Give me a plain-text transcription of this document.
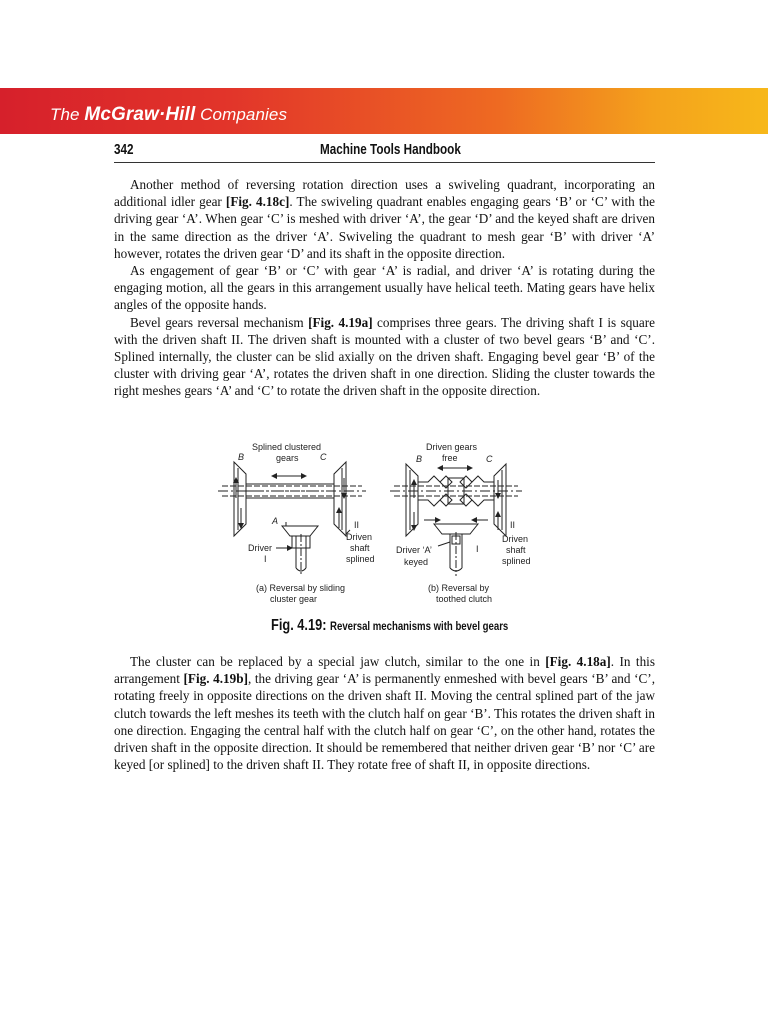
The McGraw·Hill Companies
342	Machine Tools Handbook

Another method of reversing rotation direction uses a swiveling quadrant, incorporating an additional idler gear [Fig. 4.18c]. The swiveling quadrant enables engaging gears ‘B’ or ‘C’ with the driving gear ‘A’. When gear ‘C’ is meshed with driver ‘A’, the gear ‘D’ and the keyed shaft are driven in the same direction as the driver ‘A’. Swiveling the quadrant to mesh gear ‘B’ with driver ‘A’ however, rotates the driven gear ‘D’ and its shaft in the opposite direction.

As engagement of gear ‘B’ or ‘C’ with gear ‘A’ is radial, and driver ‘A’ is rotating during the engaging motion, all the gears in this arrangement usually have helical teeth. Mating gears have helix angles of the opposite hands.

Bevel gears reversal mechanism [Fig. 4.19a] comprises three gears. The driving shaft I is square with the driven shaft II. The driven shaft is mounted with a cluster of two bevel gears ‘B’ and ‘C’. Splined internally, the cluster can be slid axially on the driven shaft. Engaging bevel gear ‘B’ of the cluster with driving gear ‘A’, rotates the driven shaft in one direction. Sliding the cluster towards the right meshes gears ‘A’ and ‘C’ to rotate the driven shaft in the opposite direction.

Splined clustered
gears
B	C
A	II
Driven
shaft
splined
Driver
I
(a) Reversal by sliding
cluster gear
Driven gears
free
B	C
II
Driven
shaft
splined
Driver ‘A’
keyed
I
(b) Reversal by
toothed clutch
Fig. 4.19: Reversal mechanisms with bevel gears

The cluster can be replaced by a special jaw clutch, similar to the one in [Fig. 4.18a]. In this arrangement [Fig. 4.19b], the driving gear ‘A’ is permanently enmeshed with bevel gears ‘B’ and ‘C’, rotating freely in opposite directions on the driven shaft II. Moving the central splined part of the jaw clutch towards the left meshes its teeth with the clutch half on gear ‘B’. This rotates the driven shaft in one direction. Engaging the central half with the clutch half on gear ‘C’, on the other hand, rotates the driven shaft in the opposite direction. It should be remembered that neither driven gear ‘B’ nor ‘C’ are keyed [or splined] to the driven shaft II. They rotate free of shaft II, in opposite directions.
